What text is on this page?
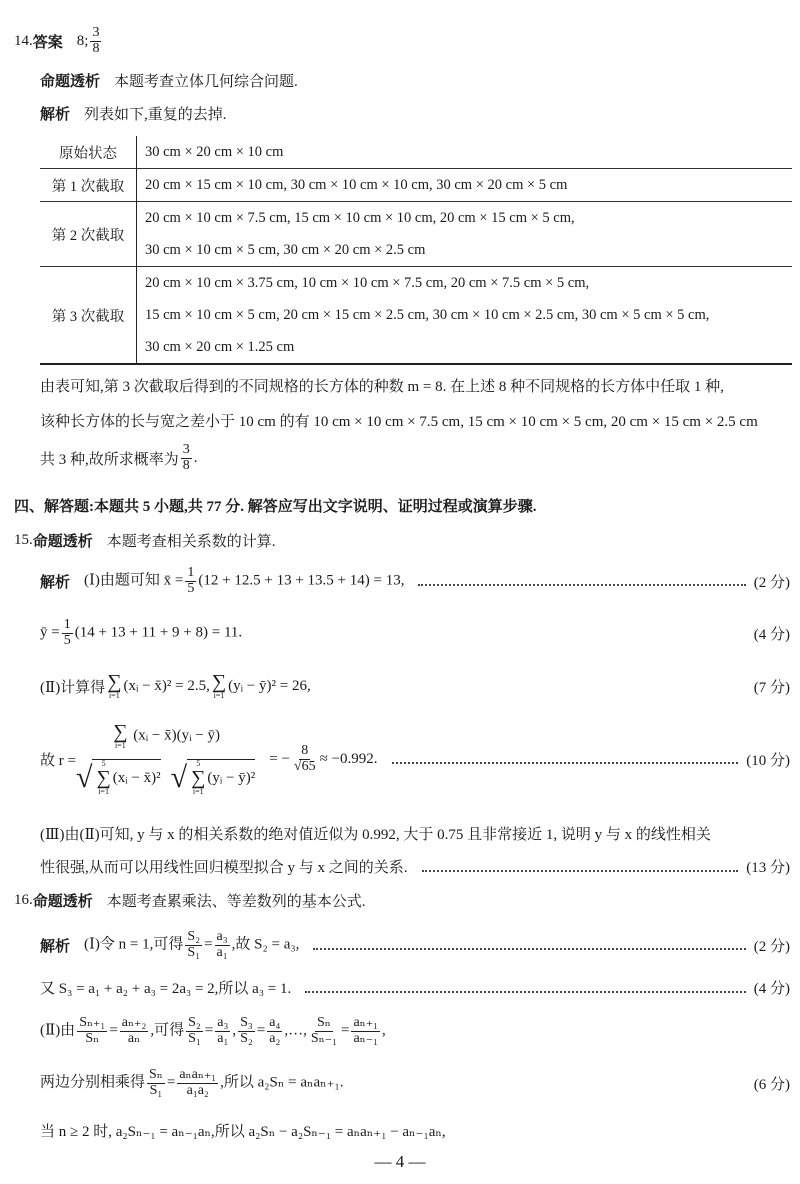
14. 答案 8; $\frac{3}{8}$
命题透析 本题考查立体几何综合问题.
解析 列表如下,重复的去掉.
原始状态	30 cm × 20 cm × 10 cm

第 1 次截取	20 cm × 15 cm × 10 cm, 30 cm × 10 cm × 10 cm, 30 cm × 20 cm × 5 cm

第 2 次截取	20 cm × 10 cm × 7.5 cm, 15 cm × 10 cm × 10 cm, 20 cm × 15 cm × 5 cm,
30 cm × 10 cm × 5 cm, 30 cm × 20 cm × 2.5 cm

第 3 次截取	20 cm × 10 cm × 3.75 cm, 10 cm × 10 cm × 7.5 cm, 20 cm × 7.5 cm × 5 cm,
15 cm × 10 cm × 5 cm, 20 cm × 15 cm × 2.5 cm, 30 cm × 10 cm × 2.5 cm, 30 cm × 5 cm × 5 cm,
30 cm × 20 cm × 1.25 cm
由表可知,第 3 次截取后得到的不同规格的长方体的种数 m = 8. 在上述 8 种不同规格的长方体中任取 1 种,
该种长方体的长与宽之差小于 10 cm 的有 10 cm × 10 cm × 7.5 cm, 15 cm × 10 cm × 5 cm, 20 cm × 15 cm × 2.5 cm
共 3 种,故所求概率为 $\frac{3}{8}$ .
四、解答题:本题共 5 小题,共 77 分. 解答应写出文字说明、证明过程或演算步骤.
15. 命题透析 本题考查相关系数的计算.
解析 (Ⅰ)由题可知 x̄ = $\frac{1}{5} (12 + 12.5 + 13 + 13.5 + 14) = 13$,	(2 分)
ȳ = $\frac{1}{5} (14 + 13 + 11 + 9 + 8) = 11$.	(4 分)
(Ⅱ)计算得 ∑
i=1
(xᵢ − x̄)² = 2.5, ∑
i=1
(yᵢ − ȳ)² = 26,	(7 分)
故 r =
∑
i=1
(xᵢ − x̄)(yᵢ − ȳ)
√ 5
∑
i=1
(xᵢ − x̄)² √ 5
∑
i=1
(yᵢ − ȳ)²
= − $\frac{8}{√65} \approx -0.992$.	(10 分)
(Ⅲ)由(Ⅱ)可知, y 与 x 的相关系数的绝对值近似为 0.992, 大于 0.75 且非常接近 1, 说明 y 与 x 的线性相关
性很强,从而可以用线性回归模型拟合 y 与 x 之间的关系.	(13 分)
16. 命题透析 本题考查累乘法、等差数列的基本公式.
解析 (Ⅰ)令 n = 1,可得 $\frac{\text{S₂}}{\text{S₁}} = \frac{\text{a₃}}{\text{a₁}}$ ,故 S₂ = a₃,	(2 分)
又 S₃ = a₁ + a₂ + a₃ = 2a₃ = 2,所以 a₃ = 1.	(4 分)
(Ⅱ)由 $\frac{\text{Sₙ₊₁}}{\text{Sₙ}} = \frac{\text{aₙ₊₂}}{\text{aₙ}}$ ,可得 $\frac{\text{S₂}}{\text{S₁}} = \frac{\text{a₃}}{\text{a₁}}$ , $\frac{\text{S₃}}{\text{S₂}} = \frac{\text{a₄}}{\text{a₂}}$ ,…, $\frac{\text{Sₙ}}{\text{Sₙ₋₁}} = \frac{\text{aₙ₊₁}}{\text{aₙ₋₁}}$ ,
两边分别相乘得 $\frac{\text{Sₙ}}{\text{S₁}} = \frac{\text{aₙaₙ₊₁}}{\text{a₁a₂}}$ ,所以 a₂Sₙ = aₙaₙ₊₁.	(6 分)
当 n ≥ 2 时, a₂Sₙ₋₁ = aₙ₋₁aₙ,所以 a₂Sₙ − a₂Sₙ₋₁ = aₙaₙ₊₁ − aₙ₋₁aₙ,
— 4 —
